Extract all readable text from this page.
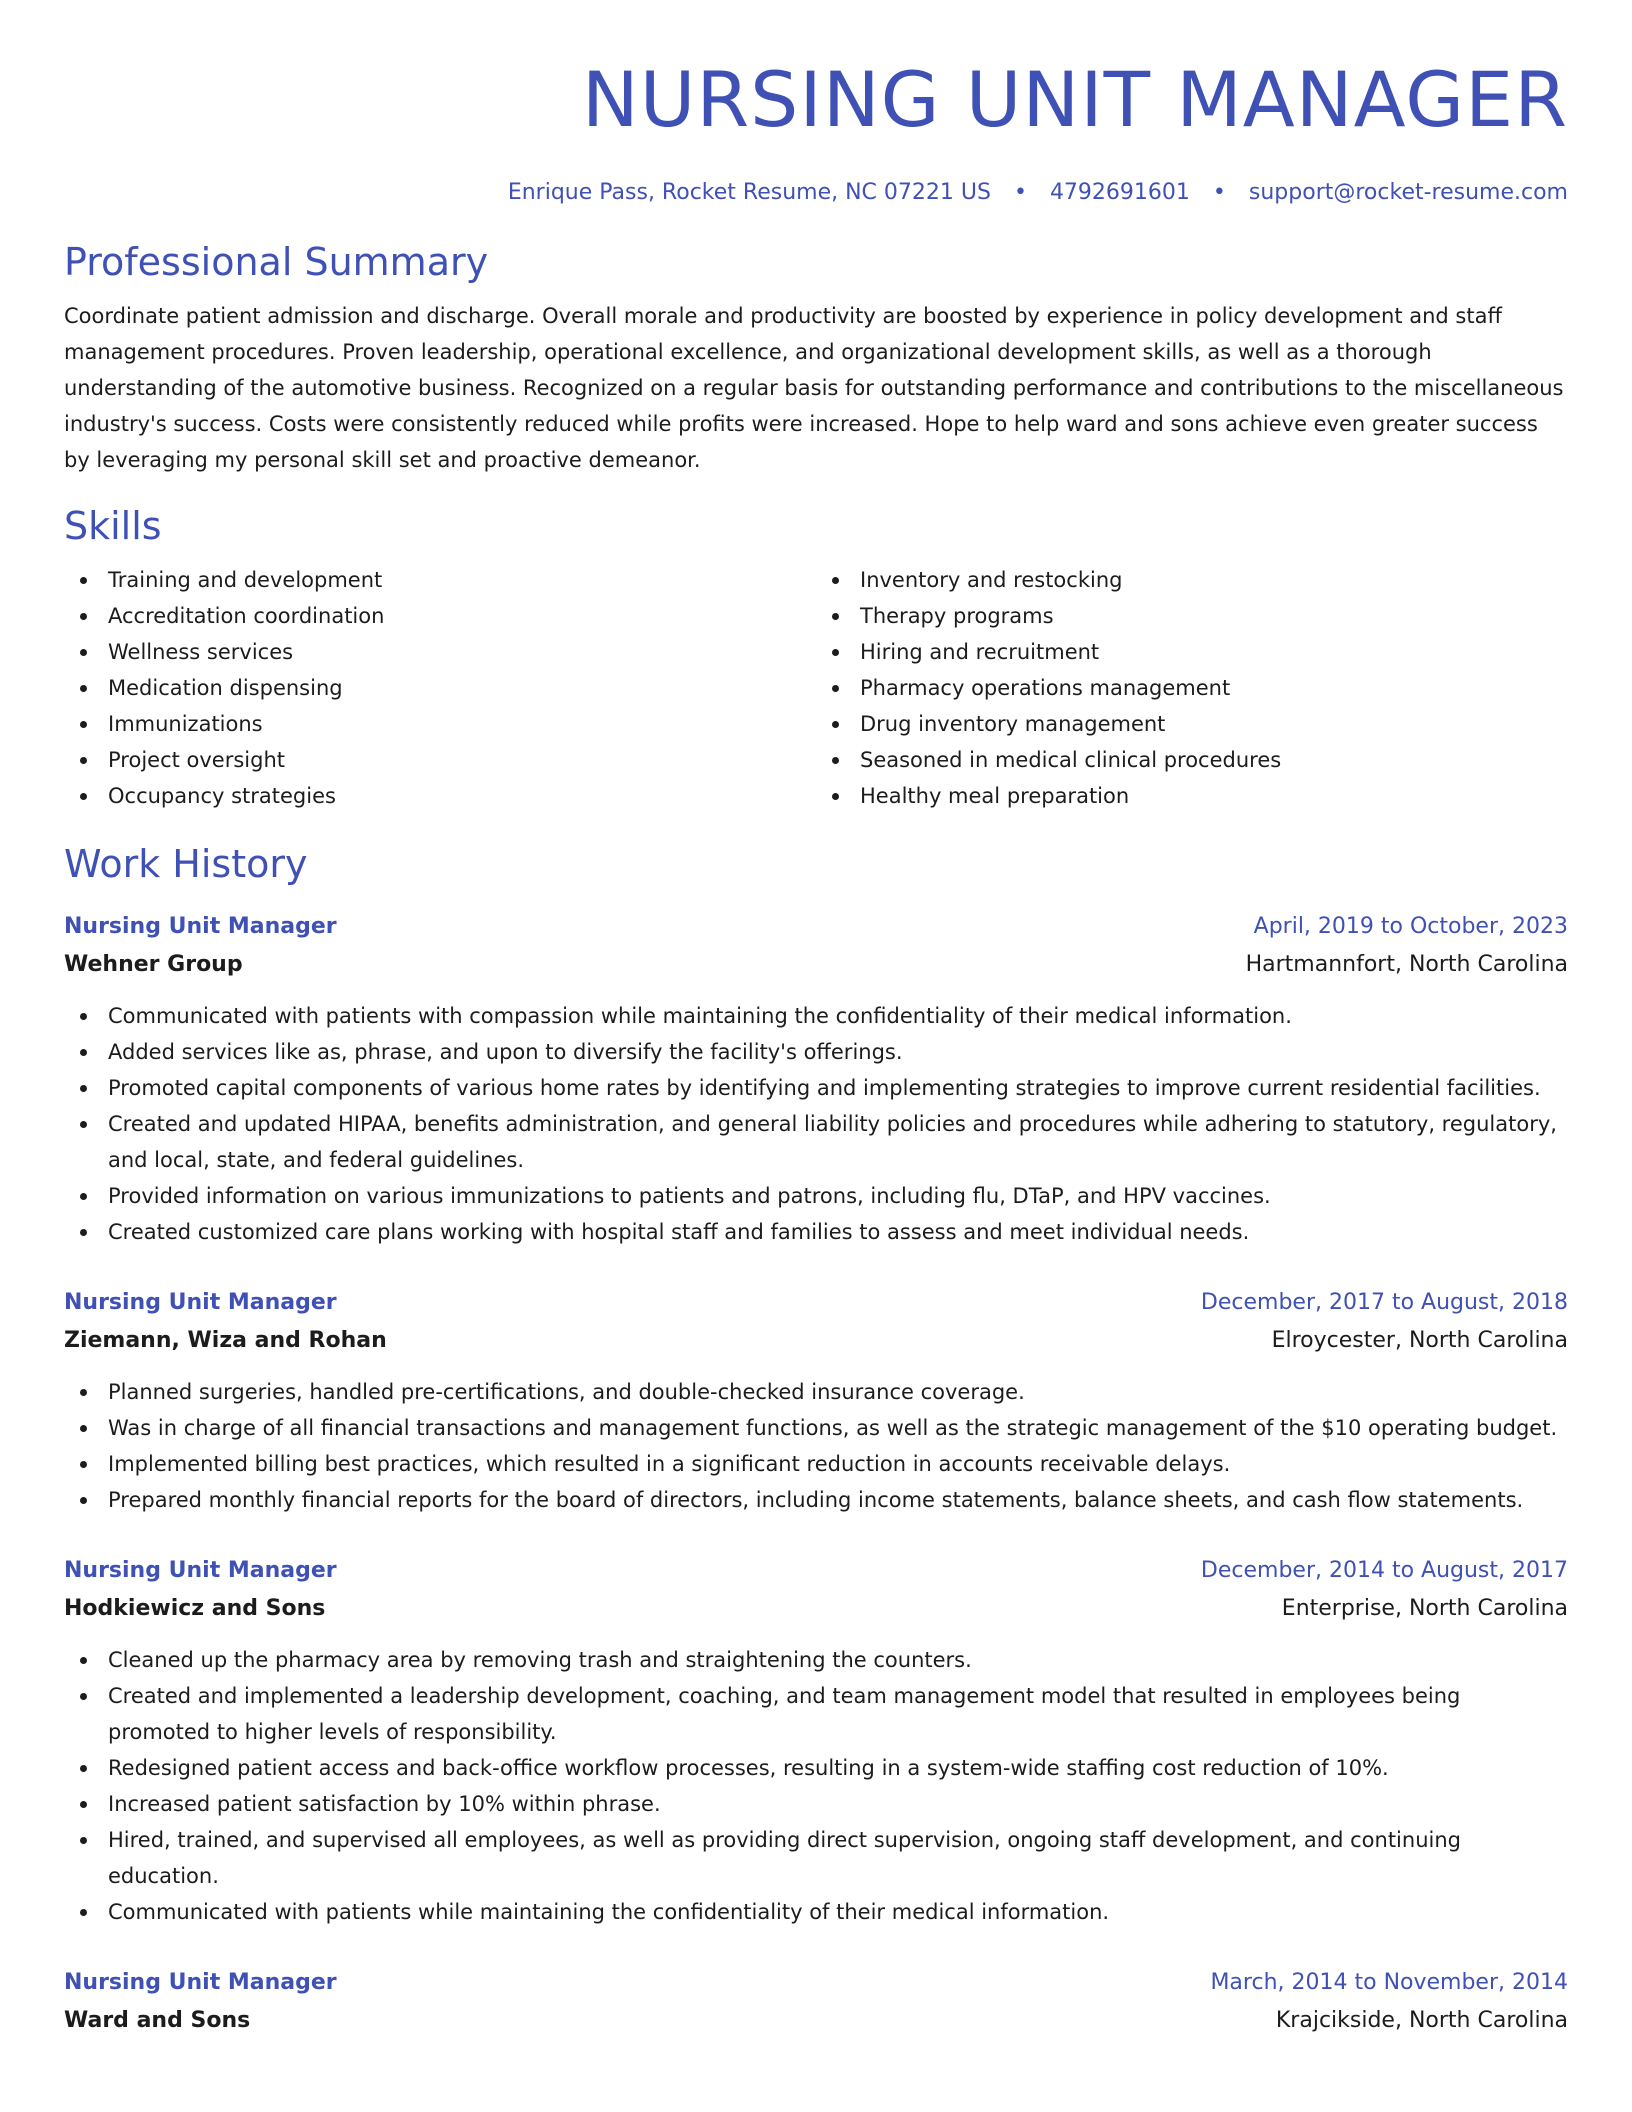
NURSING UNIT MANAGER
Enrique Pass, Rocket Resume, NC 07221 US • 4792691601 • support@rocket-resume.com
Professional Summary

Coordinate patient admission and discharge. Overall morale and productivity are boosted by experience in policy development and staff management procedures. Proven leadership, operational excellence, and organizational development skills, as well as a thorough understanding of the automotive business. Recognized on a regular basis for outstanding performance and contributions to the miscellaneous industry's success. Costs were consistently reduced while profits were increased. Hope to help ward and sons achieve even greater success by leveraging my personal skill set and proactive demeanor.

Skills
Training and development
Accreditation coordination
Wellness services
Medication dispensing
Immunizations
Project oversight
Occupancy strategies
Inventory and restocking
Therapy programs
Hiring and recruitment
Pharmacy operations management
Drug inventory management
Seasoned in medical clinical procedures
Healthy meal preparation
Work History
Nursing Unit Manager	April, 2019 to October, 2023
Wehner Group	Hartmannfort, North Carolina
Communicated with patients with compassion while maintaining the confidentiality of their medical information.
Added services like as, phrase, and upon to diversify the facility's offerings.
Promoted capital components of various home rates by identifying and implementing strategies to improve current residential facilities.
Created and updated HIPAA, benefits administration, and general liability policies and procedures while adhering to statutory, regulatory, and local, state, and federal guidelines.
Provided information on various immunizations to patients and patrons, including flu, DTaP, and HPV vaccines.
Created customized care plans working with hospital staff and families to assess and meet individual needs.
Nursing Unit Manager	December, 2017 to August, 2018
Ziemann, Wiza and Rohan	Elroycester, North Carolina
Planned surgeries, handled pre-certifications, and double-checked insurance coverage.
Was in charge of all financial transactions and management functions, as well as the strategic management of the $10 operating budget.
Implemented billing best practices, which resulted in a significant reduction in accounts receivable delays.
Prepared monthly financial reports for the board of directors, including income statements, balance sheets, and cash flow statements.
Nursing Unit Manager	December, 2014 to August, 2017
Hodkiewicz and Sons	Enterprise, North Carolina
Cleaned up the pharmacy area by removing trash and straightening the counters.
Created and implemented a leadership development, coaching, and team management model that resulted in employees being promoted to higher levels of responsibility.
Redesigned patient access and back-office workflow processes, resulting in a system-wide staffing cost reduction of 10%.
Increased patient satisfaction by 10% within phrase.
Hired, trained, and supervised all employees, as well as providing direct supervision, ongoing staff development, and continuing education.
Communicated with patients while maintaining the confidentiality of their medical information.
Nursing Unit Manager	March, 2014 to November, 2014
Ward and Sons	Krajcikside, North Carolina
